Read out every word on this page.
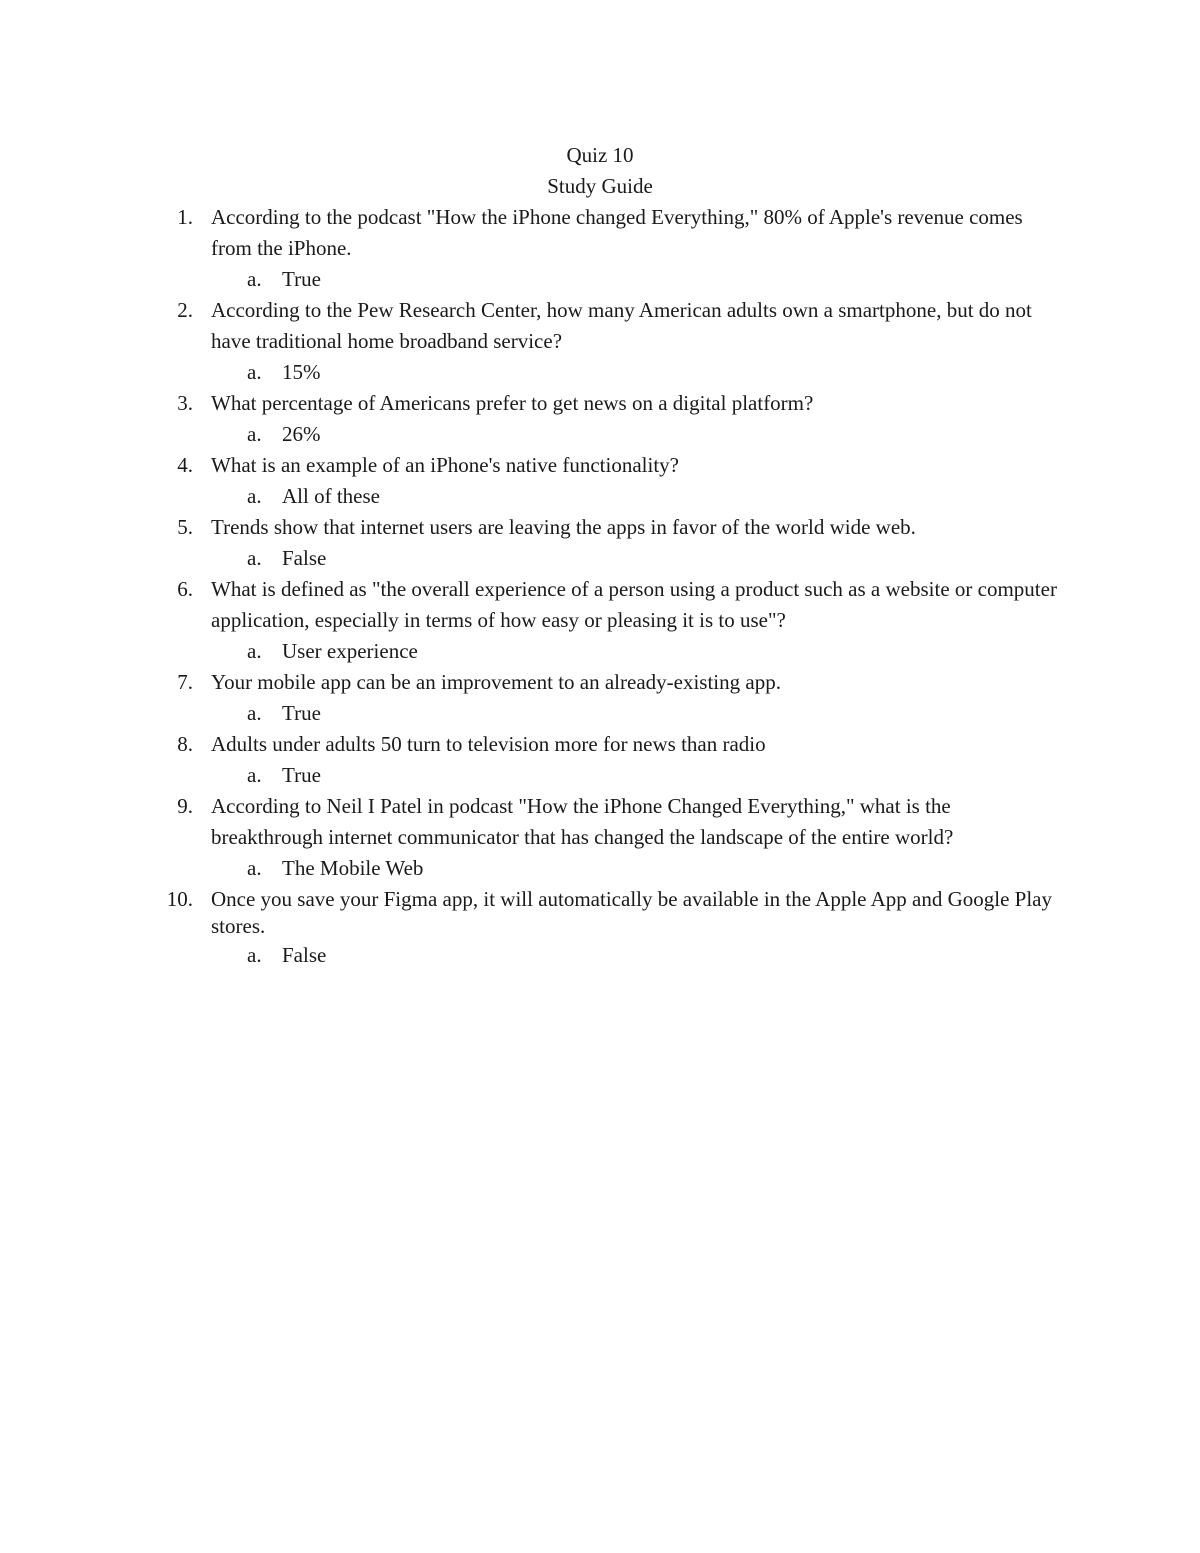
Quiz 10
Study Guide
1. According to the podcast "How the iPhone changed Everything," 80% of Apple's revenue comes from the iPhone.
a. True
2. According to the Pew Research Center, how many American adults own a smartphone, but do not have traditional home broadband service?
a. 15%
3. What percentage of Americans prefer to get news on a digital platform?
a. 26%
4. What is an example of an iPhone's native functionality?
a. All of these
5. Trends show that internet users are leaving the apps in favor of the world wide web.
a. False
6. What is defined as "the overall experience of a person using a product such as a website or computer application, especially in terms of how easy or pleasing it is to use"?
a. User experience
7. Your mobile app can be an improvement to an already-existing app.
a. True
8. Adults under adults 50 turn to television more for news than radio
a. True
9. According to Neil I Patel in podcast "How the iPhone Changed Everything," what is the breakthrough internet communicator that has changed the landscape of the entire world?
a. The Mobile Web
10. Once you save your Figma app, it will automatically be available in the Apple App and Google Play stores.
a. False
